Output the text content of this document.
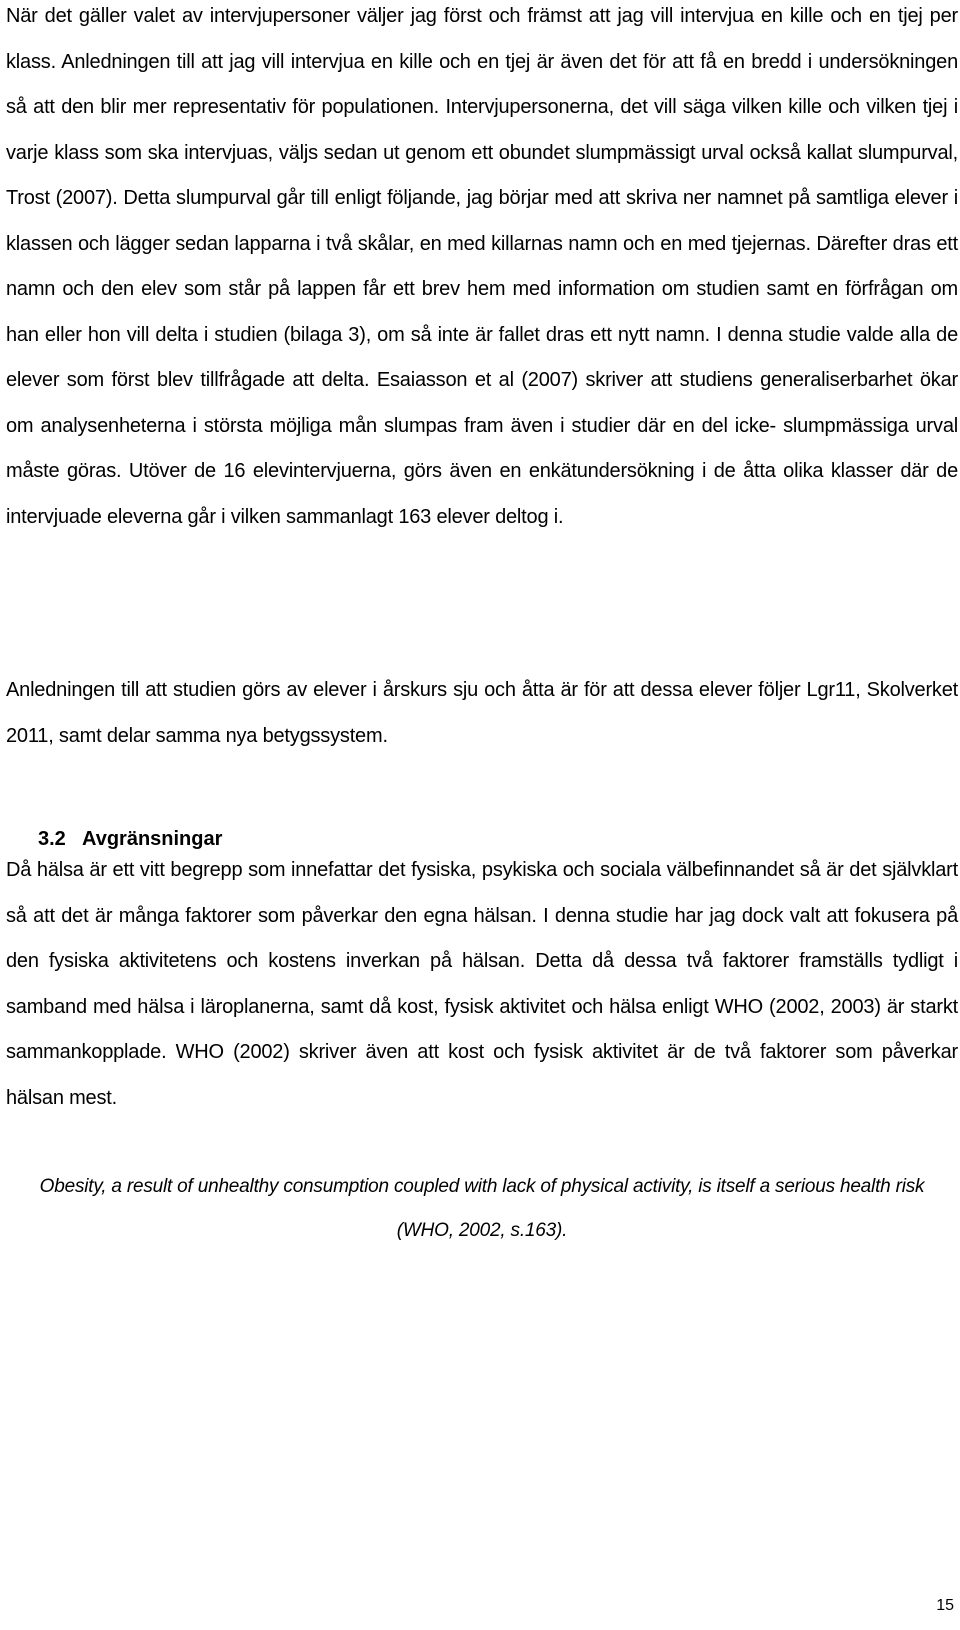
När det gäller valet av intervjupersoner väljer jag först och främst att jag vill intervjua en kille och en tjej per klass. Anledningen till att jag vill intervjua en kille och en tjej är även det för att få en bredd i undersökningen så att den blir mer representativ för populationen. Intervjupersonerna, det vill säga vilken kille och vilken tjej i varje klass som ska intervjuas, väljs sedan ut genom ett obundet slumpmässigt urval också kallat slumpurval, Trost (2007). Detta slumpurval går till enligt följande, jag börjar med att skriva ner namnet på samtliga elever i klassen och lägger sedan lapparna i två skålar, en med killarnas namn och en med tjejernas. Därefter dras ett namn och den elev som står på lappen får ett brev hem med information om studien samt en förfrågan om han eller hon vill delta i studien (bilaga 3), om så inte är fallet dras ett nytt namn. I denna studie valde alla de elever som först blev tillfrågade att delta. Esaiasson et al (2007) skriver att studiens generaliserbarhet ökar om analysenheterna i största möjliga mån slumpas fram även i studier där en del icke- slumpmässiga urval måste göras. Utöver de 16 elevintervjuerna, görs även en enkätundersökning i de åtta olika klasser där de intervjuade eleverna går i vilken sammanlagt 163 elever deltog i.

Anledningen till att studien görs av elever i årskurs sju och åtta är för att dessa elever följer Lgr11, Skolverket 2011, samt delar samma nya betygssystem.

3.2 Avgränsningar

Då hälsa är ett vitt begrepp som innefattar det fysiska, psykiska och sociala välbefinnandet så är det självklart så att det är många faktorer som påverkar den egna hälsan. I denna studie har jag dock valt att fokusera på den fysiska aktivitetens och kostens inverkan på hälsan. Detta då dessa två faktorer framställs tydligt i samband med hälsa i läroplanerna, samt då kost, fysisk aktivitet och hälsa enligt WHO (2002, 2003) är starkt sammankopplade. WHO (2002) skriver även att kost och fysisk aktivitet är de två faktorer som påverkar hälsan mest.

Obesity, a result of unhealthy consumption coupled with lack of physical activity, is itself a serious health risk
(WHO, 2002, s.163).

15
